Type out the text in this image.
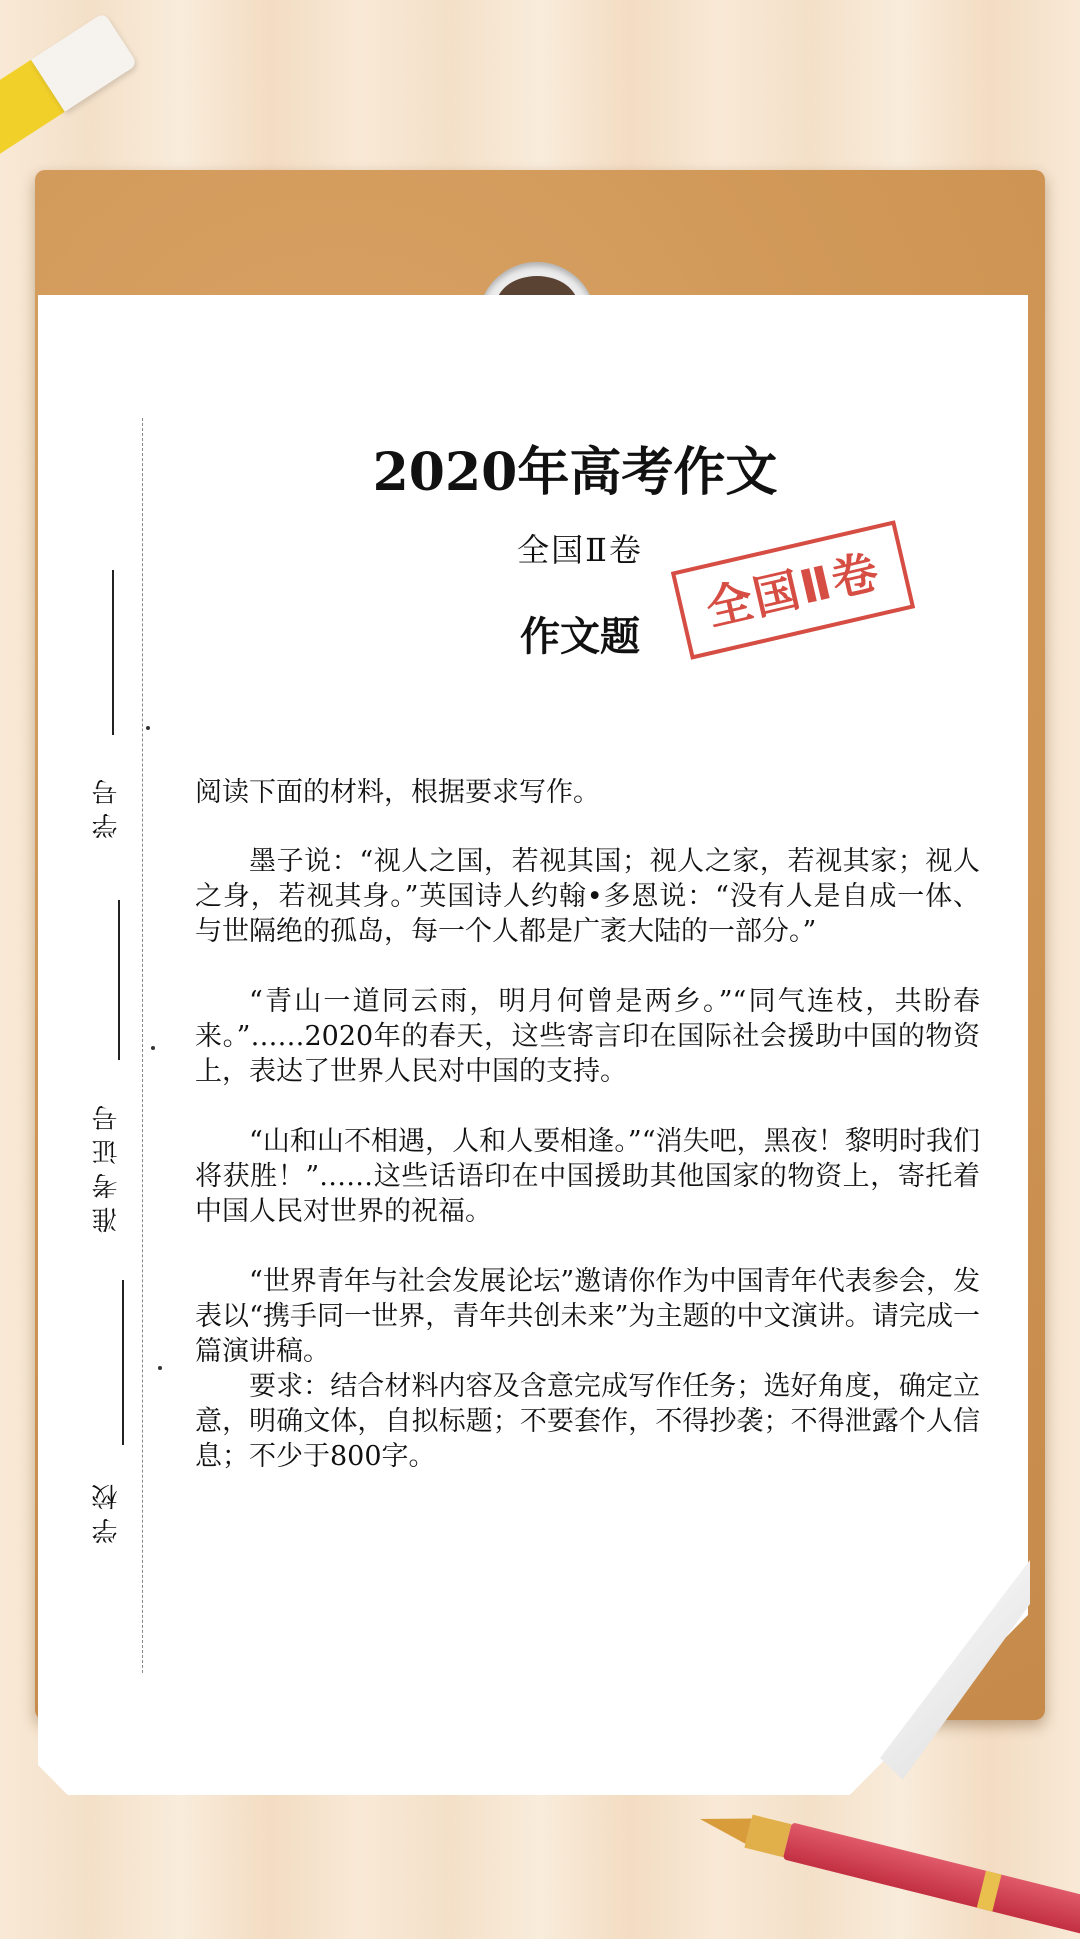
学号
准考证号
学校
2020年高考作文
全国Ⅱ卷
作文题
全国Ⅱ卷

阅读下面的材料，根据要求写作。

墨子说：“视人之国，若视其国；视人之家，若视其家；视人之身，若视其身。”英国诗人约翰•多恩说：“没有人是自成一体、与世隔绝的孤岛，每一个人都是广袤大陆的一部分。”

“青山一道同云雨，明月何曾是两乡。”“同气连枝，共盼春来。”……2020年的春天，这些寄言印在国际社会援助中国的物资上，表达了世界人民对中国的支持。

“山和山不相遇，人和人要相逢。”“消失吧，黑夜！黎明时我们将获胜！”……这些话语印在中国援助其他国家的物资上，寄托着中国人民对世界的祝福。

“世界青年与社会发展论坛”邀请你作为中国青年代表参会，发表以“携手同一世界，青年共创未来”为主题的中文演讲。请完成一篇演讲稿。

要求：结合材料内容及含意完成写作任务；选好角度，确定立意，明确文体，自拟标题；不要套作，不得抄袭；不得泄露个人信息；不少于800字。
